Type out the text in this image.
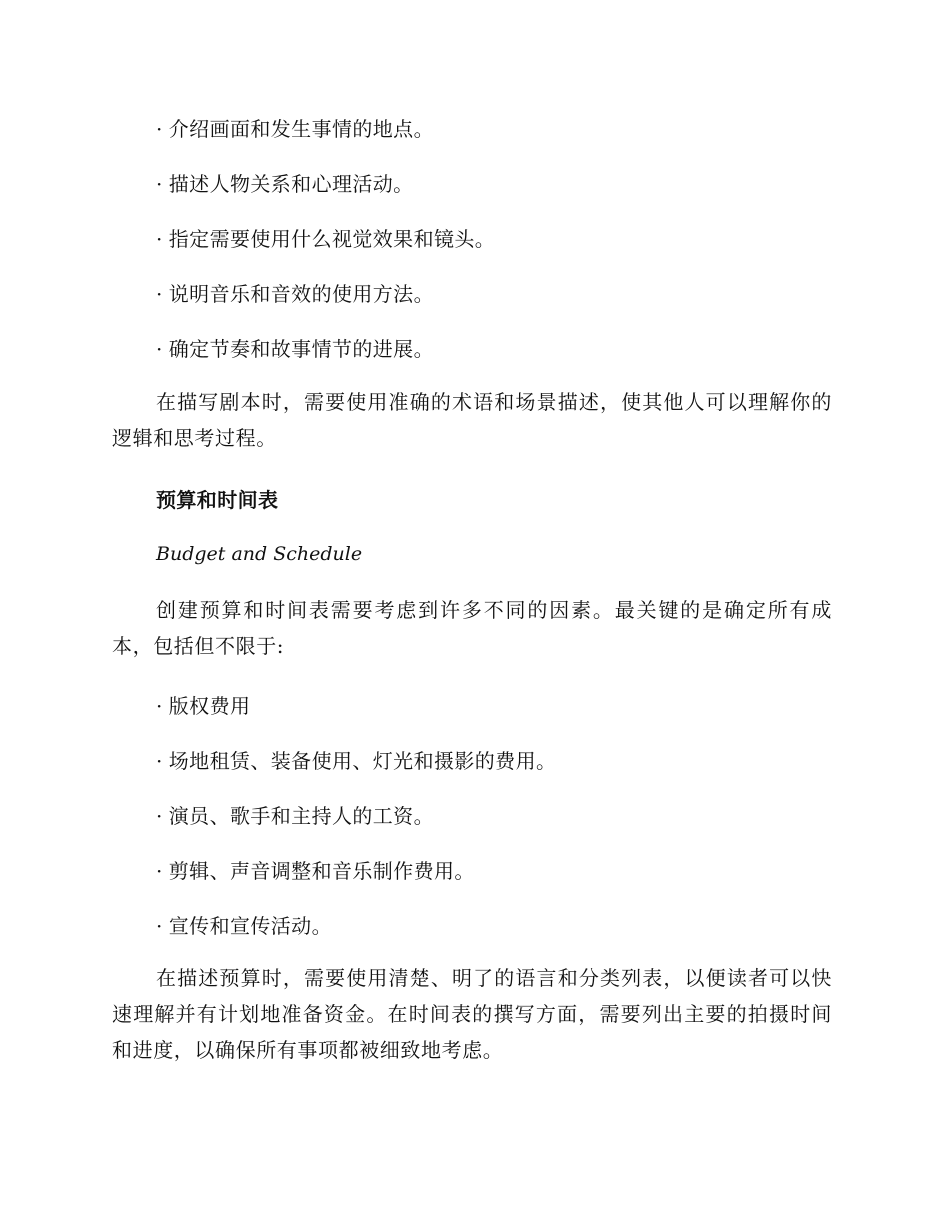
· 介绍画面和发生事情的地点。
· 描述人物关系和心理活动。
· 指定需要使用什么视觉效果和镜头。
· 说明音乐和音效的使用方法。
· 确定节奏和故事情节的进展。
在描写剧本时，需要使用准确的术语和场景描述，使其他人可以理解你的逻辑和思考过程。
预算和时间表
Budget and Schedule
创建预算和时间表需要考虑到许多不同的因素。最关键的是确定所有成本，包括但不限于:
· 版权费用
· 场地租赁、装备使用、灯光和摄影的费用。
· 演员、歌手和主持人的工资。
· 剪辑、声音调整和音乐制作费用。
· 宣传和宣传活动。
在描述预算时，需要使用清楚、明了的语言和分类列表，以便读者可以快速理解并有计划地准备资金。在时间表的撰写方面，需要列出主要的拍摄时间和进度，以确保所有事项都被细致地考虑。
